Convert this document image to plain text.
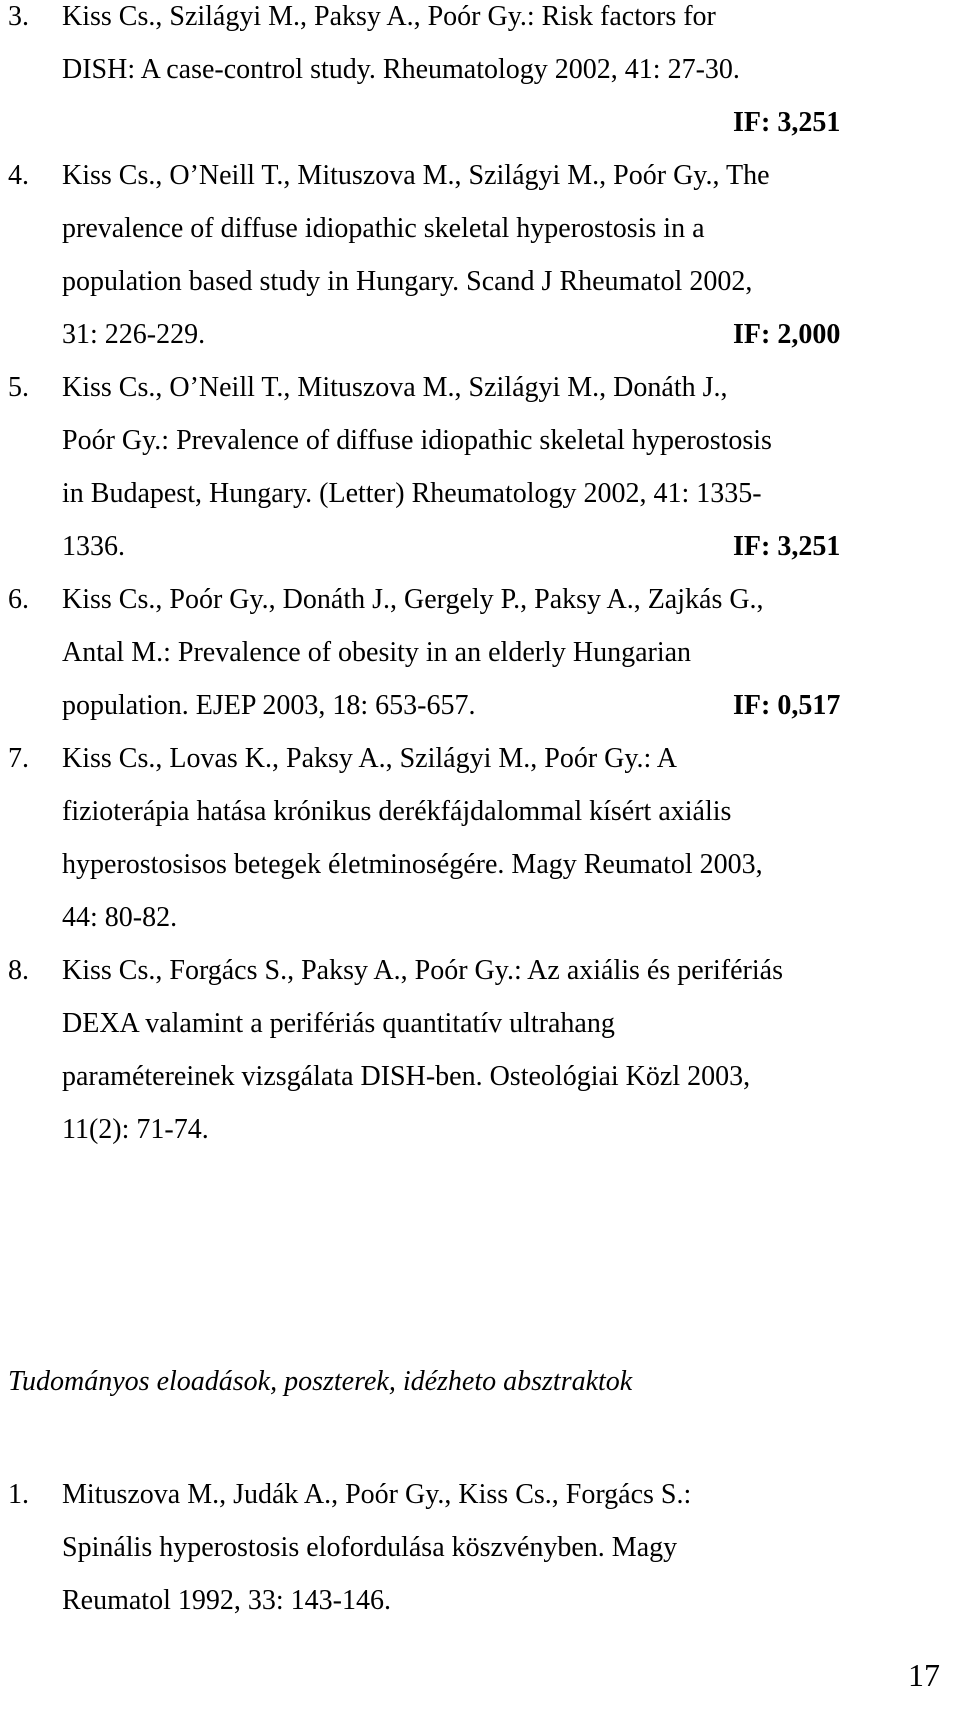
3.	Kiss Cs., Szilágyi M., Paksy A., Poór Gy.: Risk factors for
DISH: A case-control study. Rheumatology 2002, 41: 27-30.
IF: 3,251
4.	Kiss Cs., O’Neill T., Mituszova M., Szilágyi M., Poór Gy., The
prevalence of diffuse idiopathic skeletal hyperostosis in a
population based study in Hungary. Scand J Rheumatol 2002,
31: 226-229.	IF: 2,000
5.	Kiss Cs., O’Neill T., Mituszova M., Szilágyi M., Donáth J.,
Poór Gy.: Prevalence of diffuse idiopathic skeletal hyperostosis
in Budapest, Hungary. (Letter) Rheumatology 2002, 41: 1335-
1336.	IF: 3,251
6.	Kiss Cs., Poór Gy., Donáth J., Gergely P., Paksy A., Zajkás G.,
Antal M.: Prevalence of obesity in an elderly Hungarian
population. EJEP 2003, 18: 653-657.	IF: 0,517
7.	Kiss Cs., Lovas K., Paksy A., Szilágyi M., Poór Gy.: A
fizioterápia hatása krónikus derékfájdalommal kísért axiális
hyperostosisos betegek életminoségére. Magy Reumatol 2003,
44: 80-82.
8.	Kiss Cs., Forgács S., Paksy A., Poór Gy.: Az axiális és perifériás
DEXA valamint a perifériás quantitatív ultrahang
paramétereinek vizsgálata DISH-ben. Osteológiai Közl 2003,
11(2): 71-74.
Tudományos eloadások, poszterek, idézheto absztraktok
1.	Mituszova M., Judák A., Poór Gy., Kiss Cs., Forgács S.:
Spinális hyperostosis elofordulása köszvényben. Magy
Reumatol 1992, 33: 143-146.
17
